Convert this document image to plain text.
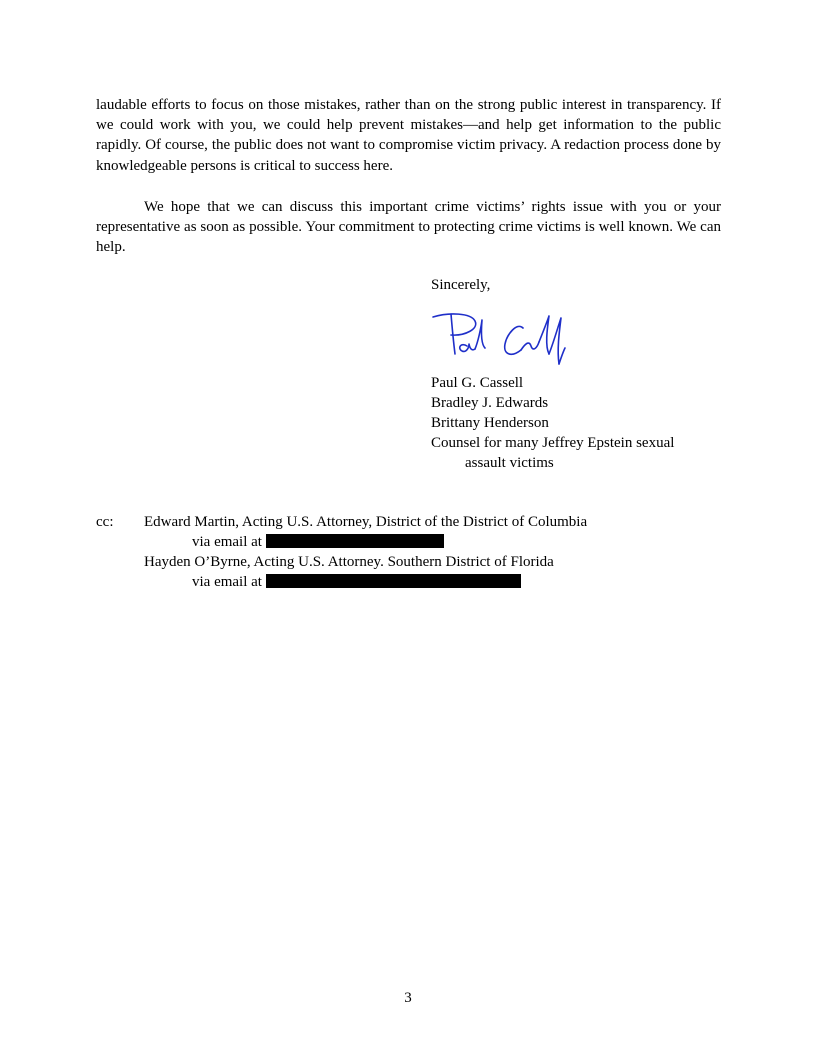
laudable efforts to focus on those mistakes, rather than on the strong public interest in transparency. If we could work with you, we could help prevent mistakes—and help get information to the public rapidly. Of course, the public does not want to compromise victim privacy. A redaction process done by knowledgeable persons is critical to success here.

We hope that we can discuss this important crime victims’ rights issue with you or your representative as soon as possible. Your commitment to protecting crime victims is well known. We can help.

Sincerely,
Paul G. Cassell
Bradley J. Edwards
Brittany Henderson
Counsel for many Jeffrey Epstein sexual
assault victims
cc: Edward Martin, Acting U.S. Attorney, District of the District of Columbia
via email at
Hayden O’Byrne, Acting U.S. Attorney. Southern District of Florida
via email at
3
